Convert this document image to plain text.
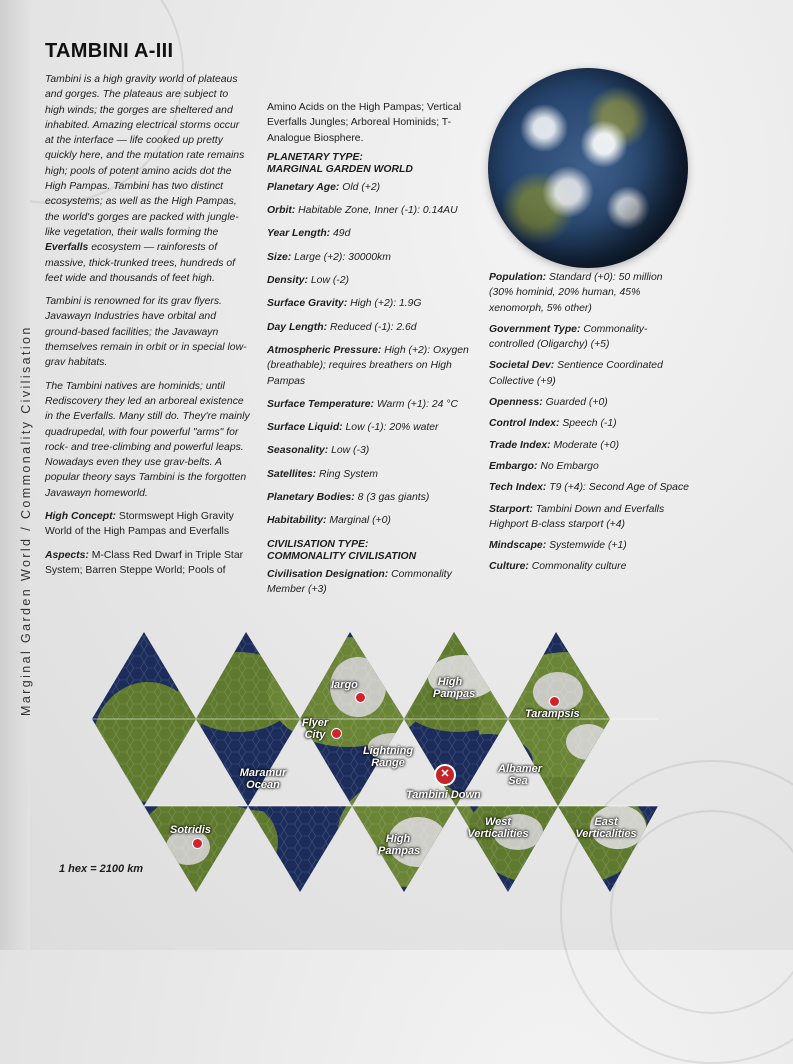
Marginal Garden World / Commonality Civilisation
TAMBINI A-III

Tambini is a high gravity world of plateaus and gorges. The plateaus are subject to high winds; the gorges are sheltered and inhabited. Amazing electrical storms occur at the interface — life cooked up pretty quickly here, and the mutation rate remains high; pools of potent amino acids dot the High Pampas. Tambini has two distinct ecosystems; as well as the High Pampas, the world's gorges are packed with jungle-like vegetation, their walls forming the Everfalls ecosystem — rainforests of massive, thick-trunked trees, hundreds of feet wide and thousands of feet high.

Tambini is renowned for its grav flyers. Javawayn Industries have orbital and ground-based facilities; the Javawayn themselves remain in orbit or in special low-grav habitats.

The Tambini natives are hominids; until Rediscovery they led an arboreal existence in the Everfalls. Many still do. They're mainly quadrupedal, with four powerful "arms" for rock- and tree-climbing and powerful leaps. Nowadays even they use grav-belts. A popular theory says Tambini is the forgotten Javawayn homeworld.

High Concept: Stormswept High Gravity World of the High Pampas and Everfalls

Aspects: M-Class Red Dwarf in Triple Star System; Barren Steppe World; Pools of

Amino Acids on the High Pampas; Vertical Everfalls Jungles; Arboreal Hominids; T-Analogue Biosphere.

PLANETARY TYPE:
MARGINAL GARDEN WORLD

Planetary Age: Old (+2)

Orbit: Habitable Zone, Inner (-1): 0.14AU

Year Length: 49d

Size: Large (+2): 30000km

Density: Low (-2)

Surface Gravity: High (+2): 1.9G

Day Length: Reduced (-1): 2.6d

Atmospheric Pressure: High (+2): Oxygen (breathable); requires breathers on High Pampas

Surface Temperature: Warm (+1): 24 °C

Surface Liquid: Low (-1): 20% water

Seasonality: Low (-3)

Satellites: Ring System

Planetary Bodies: 8 (3 gas giants)

Habitability: Marginal (+0)

CIVILISATION TYPE:
COMMONALITY CIVILISATION

Civilisation Designation: Commonality Member (+3)

Population: Standard (+0): 50 million (30% hominid, 20% human, 45% xenomorph, 5% other)

Government Type: Commonality-controlled (Oligarchy) (+5)

Societal Dev: Sentience Coordinated Collective (+9)

Openness: Guarded (+0)

Control Index: Speech (-1)

Trade Index: Moderate (+0)

Embargo: No Embargo

Tech Index: T9 (+4): Second Age of Space

Starport: Tambini Down and Everfalls Highport B-class starport (+4)

Mindscape: Systemwide (+1)

Culture: Commonality culture

Iargo	High Pampas
Tarampsis
Flyer City
Lightning Range
Maramur Ocean
Albamer Sea
✕
Tambini Down
Sotridis
High Pampas
West Verticalities
East Verticalities
1 hex = 2100 km
